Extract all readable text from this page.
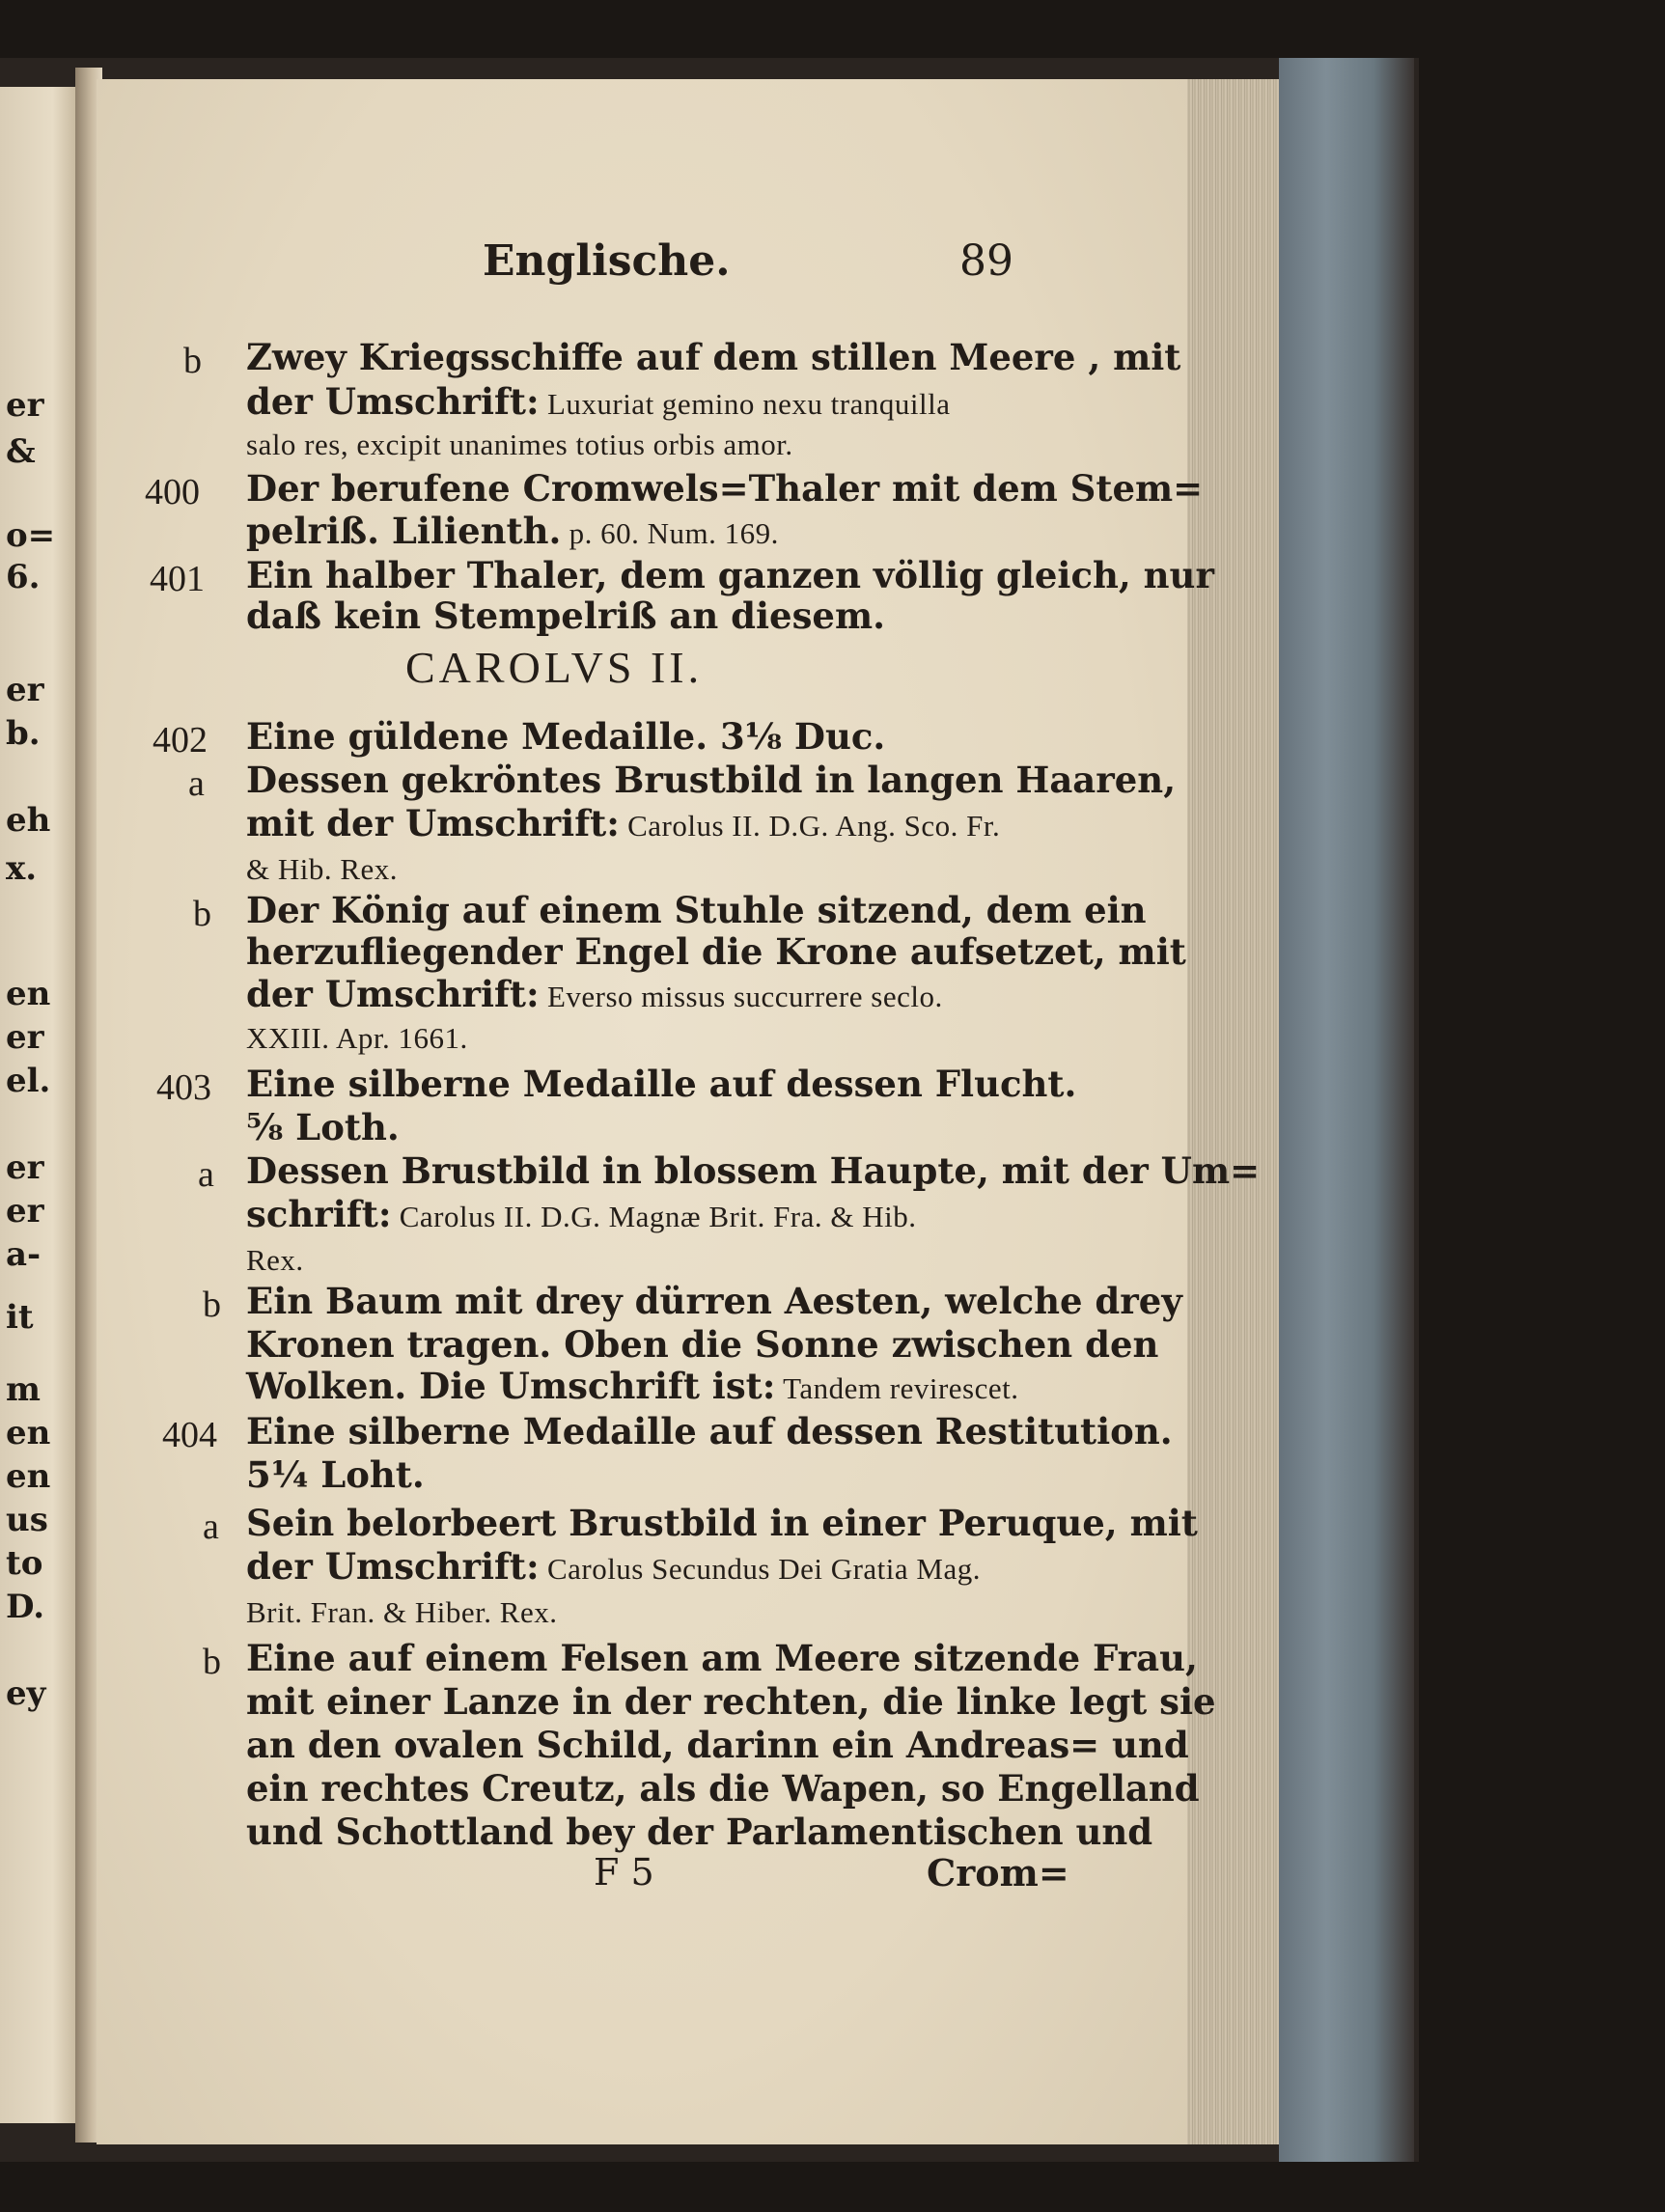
er
&
o=
6.
er
b.
eh
x.
en
er
el.
er
er
a-
it
m
en
en
us
to
D.
ey
Englische.	89
CAROLVS II.
b Zwey Kriegsschiffe auf dem stillen Meere , mit
der Umschrift: Luxuriat gemino nexu tranquilla
salo res, excipit unanimes totius orbis amor.
400 Der berufene Cromwels=Thaler mit dem Stem=
pelriß. Lilienth. p. 60. Num. 169.
401 Ein halber Thaler, dem ganzen völlig gleich, nur
daß kein Stempelriß an diesem.
402 Eine güldene Medaille. 3⅛ Duc.
a Dessen gekröntes Brustbild in langen Haaren,
mit der Umschrift: Carolus II. D.G. Ang. Sco. Fr.
& Hib. Rex.
b Der König auf einem Stuhle sitzend, dem ein
herzufliegender Engel die Krone aufsetzet, mit
der Umschrift: Everso missus succurrere seclo.
XXIII. Apr. 1661.
403 Eine silberne Medaille auf dessen Flucht.
⅝ Loth.
a Dessen Brustbild in blossem Haupte, mit der Um=
schrift: Carolus II. D.G. Magnæ Brit. Fra. & Hib.
Rex.
b Ein Baum mit drey dürren Aesten, welche drey
Kronen tragen. Oben die Sonne zwischen den
Wolken. Die Umschrift ist: Tandem revirescet.
404 Eine silberne Medaille auf dessen Restitution.
5¼ Loht.
a Sein belorbeert Brustbild in einer Peruque, mit
der Umschrift: Carolus Secundus Dei Gratia Mag.
Brit. Fran. & Hiber. Rex.
b Eine auf einem Felsen am Meere sitzende Frau,
mit einer Lanze in der rechten, die linke legt sie
an den ovalen Schild, darinn ein Andreas= und
ein rechtes Creutz, als die Wapen, so Engelland
und Schottland bey der Parlamentischen und
F 5	Crom=
